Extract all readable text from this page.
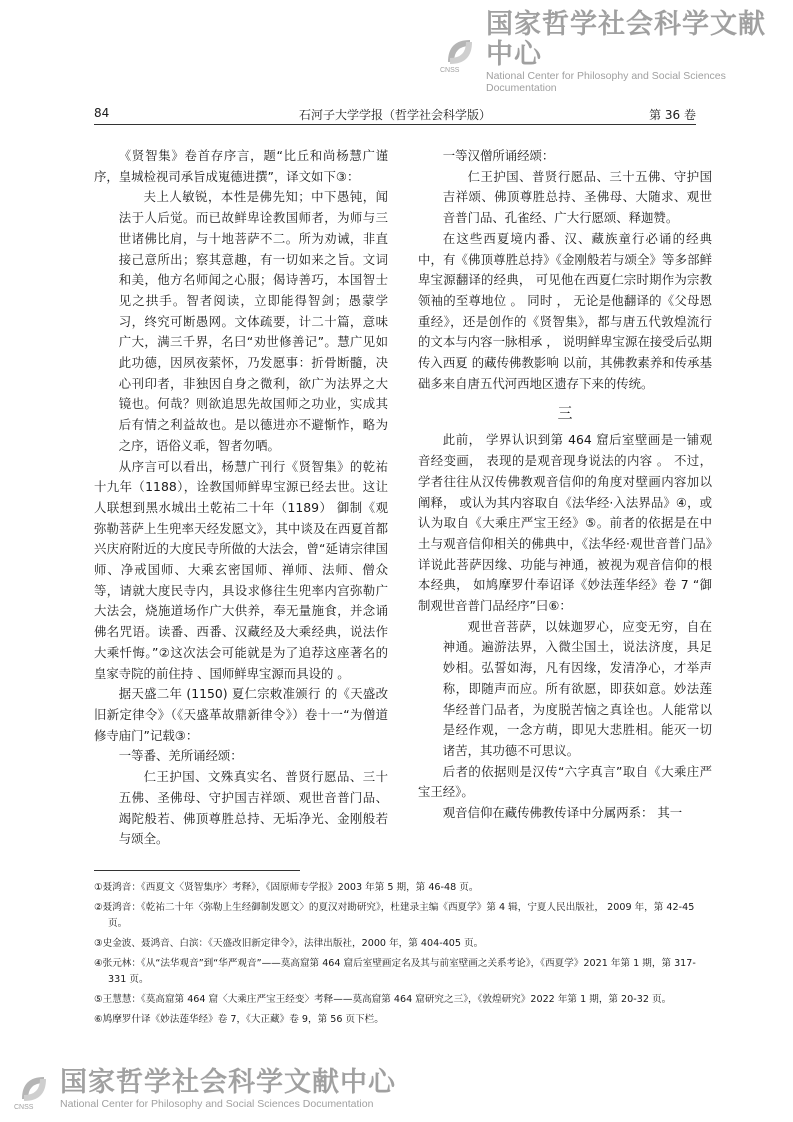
CNSS
国家哲学社会科学文献中心
National Center for Philosophy and Social Sciences Documentation
84	石河子大学学报（哲学社会科学版）	第 36 卷

《贤智集》卷首存序言，题“比丘和尚杨慧广谨序，皇城检视司承旨成嵬德进撰”，译文如下③：

夫上人敏锐，本性是佛先知；中下愚钝，闻法于人后觉。而已故鲜卑诠教国师者，为师与三世诸佛比肩，与十地菩萨不二。所为劝诫，非直接己意所出；察其意趣，有一切如来之旨。文词和美，他方名师闻之心服；偈诗善巧，本国智士见之拱手。智者阅读，立即能得智剑；愚蒙学习，终究可断愚网。文体疏要，计二十篇，意味广大，满三千界，名曰“劝世修善记”。慧广见如此功德，因夙夜萦怀，乃发愿事：折骨断髓，决心刊印者，非独因自身之微利，欲广为法界之大镜也。何哉？则欲追思先故国师之功业，实成其后有情之利益故也。是以德进亦不避惭怍，略为之序，语俗义乖，智者勿哂。

从序言可以看出，杨慧广刊行《贤智集》的乾祐十九年（1188），诠教国师鲜卑宝源已经去世。这让人联想到黑水城出土乾祐二十年（1189） 御制《观弥勒菩萨上生兜率天经发愿文》，其中谈及在西夏首都兴庆府附近的大度民寺所做的大法会，曾“延请宗律国师、净戒国师、大乘玄密国师、禅师、法师、僧众等，请就大度民寺内，具设求修往生兜率内宫弥勒广大法会，烧施道场作广大供养，奉无量施食，并念诵佛名咒语。读番、西番、汉藏经及大乘经典，说法作大乘忏悔。”②这次法会可能就是为了追荐这座著名的皇家寺院的前住持 、国师鲜卑宝源而具设的 。

据天盛二年 (1150) 夏仁宗敕准颁行 的《天盛改旧新定律令》（《天盛革故鼎新律令》）卷十一“为僧道修寺庙门”记载③：

一等番、羌所诵经颂：

仁王护国、文殊真实名、普贤行愿品、三十五佛、圣佛母、守护国吉祥颂、观世音普门品、竭陀般若、佛顶尊胜总持、无垢净光、金刚般若与颂全。

一等汉僧所诵经颂：

仁王护国、普贤行愿品、三十五佛、守护国吉祥颂、佛顶尊胜总持、圣佛母、大随求、观世音普门品、孔雀经、广大行愿颂、释迦赞。

在这些西夏境内番、汉、藏族童行必诵的经典中，有《佛顶尊胜总持》《金刚般若与颂全》等多部鲜卑宝源翻译的经典， 可见他在西夏仁宗时期作为宗教领袖的至尊地位 。 同时 ， 无论是他翻译的《父母恩重经》，还是创作的《贤智集》，都与唐五代敦煌流行的文本与内容一脉相承 ， 说明鲜卑宝源在接受后弘期传入西夏 的藏传佛教影响 以前，其佛教素养和传承基础多来自唐五代河西地区遗存下来的传统。

三

此前， 学界认识到第 464 窟后室壁画是一铺观音经变画， 表现的是观音现身说法的内容 。 不过， 学者往往从汉传佛教观音信仰的角度对壁画内容加以阐释， 或认为其内容取自《法华经·入法界品》④，或认为取自《大乘庄严宝王经》⑤。前者的依据是在中土与观音信仰相关的佛典中，《法华经·观世音普门品》详说此菩萨因缘、功能与神通，被视为观音信仰的根本经典， 如鸠摩罗什奉诏译《妙法莲华经》卷 7 “御制观世音普门品经序”曰⑥：

观世音菩萨，以妹迦罗心，应变无穷，自在神通。遍游法界，入微尘国土，说法济度，具足妙相。弘誓如海，凡有因缘，发清净心，才举声称，即随声而应。所有欲愿，即获如意。妙法莲华经普门品者，为度脱苦恼之真诠也。人能常以是经作观，一念方萌，即见大悲胜相。能灭一切诸苦，其功德不可思议。

后者的依据则是汉传“六字真言”取自《大乘庄严宝王经》。

观音信仰在藏传佛教传译中分属两系： 其一

①聂鸿音：《西夏文〈贤智集序〉考释》，《固原师专学报》2003 年第 5 期，第 46-48 页。

②聂鸿音：《乾祐二十年〈弥勒上生经御制发愿文〉的夏汉对勘研究》，杜建录主编《西夏学》第 4 辑，宁夏人民出版社， 2009 年，第 42-45 页。

③史金波、聂鸿音、白滨：《天盛改旧新定律令》，法律出版社，2000 年，第 404-405 页。

④张元林：《从“法华观音”到“华严观音”——莫高窟第 464 窟后室壁画定名及其与前室壁画之关系考论》，《西夏学》2021 年第 1 期，第 317-331 页。

⑤王慧慧：《莫高窟第 464 窟〈大乘庄严宝王经变〉考释——莫高窟第 464 窟研究之三》，《敦煌研究》2022 年第 1 期，第 20-32 页。

⑥鸠摩罗什译《妙法莲华经》卷 7，《大正藏》卷 9，第 56 页下栏。

CNSS
国家哲学社会科学文献中心
National Center for Philosophy and Social Sciences Documentation
